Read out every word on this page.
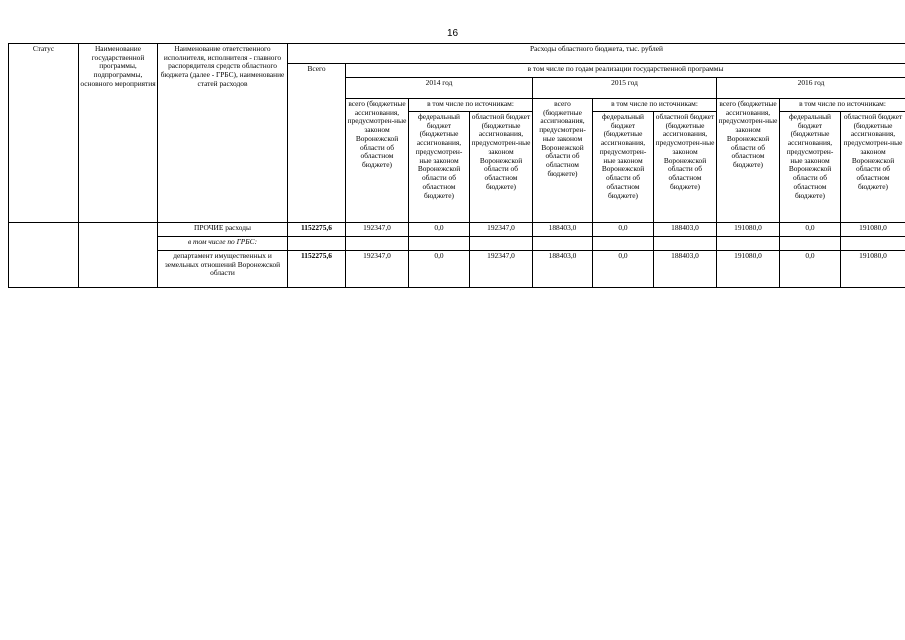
16
Статус	Наименование государственной программы, подпрограммы, основного мероприятия	Наименование ответственного исполнителя, исполнителя - главного распорядителя средств областного бюджета (далее - ГРБС), наименование статей расходов	Расходы областного бюджета, тыс. рублей									
			Всего	в том числе по годам реализации государственной программы								
				2014 год			2015 год			2016 год		
				всего (бюджетные ассигнования, предусмотрен-ные законом Воронежской области об областном бюджете)	в том числе по источникам:		всего (бюджетные ассигнования, предусмотрен-ные законом Воронежской области об областном бюджете)	в том числе по источникам:		всего (бюджетные ассигнования, предусмотрен-ные законом Воронежской области об областном бюджете)	в том числе по источникам:	
					федеральный бюджет (бюджетные ассигнования, предусмотрен-ные законом Воронежской области об областном бюджете)	областной бюджет (бюджетные ассигнования, предусмотрен-ные законом Воронежской области об областном бюджете)		федеральный бюджет (бюджетные ассигнования, предусмотрен-ные законом Воронежской области об областном бюджете)	областной бюджет (бюджетные ассигнования, предусмотрен-ные законом Воронежской области об областном бюджете)		федеральный бюджет (бюджетные ассигнования, предусмотрен-ные законом Воронежской области об областном бюджете)	областной бюджет (бюджетные ассигнования, предусмотрен-ные законом Воронежской области об областном бюджете)
		ПРОЧИЕ расходы	1152275,6	192347,0	0,0	192347,0	188403,0	0,0	188403,0	191080,0	0,0	191080,0
		в том числе по ГРБС:										
		департамент имущественных и земельных отношений Воронежской области	1152275,6	192347,0	0,0	192347,0	188403,0	0,0	188403,0	191080,0	0,0	191080,0
